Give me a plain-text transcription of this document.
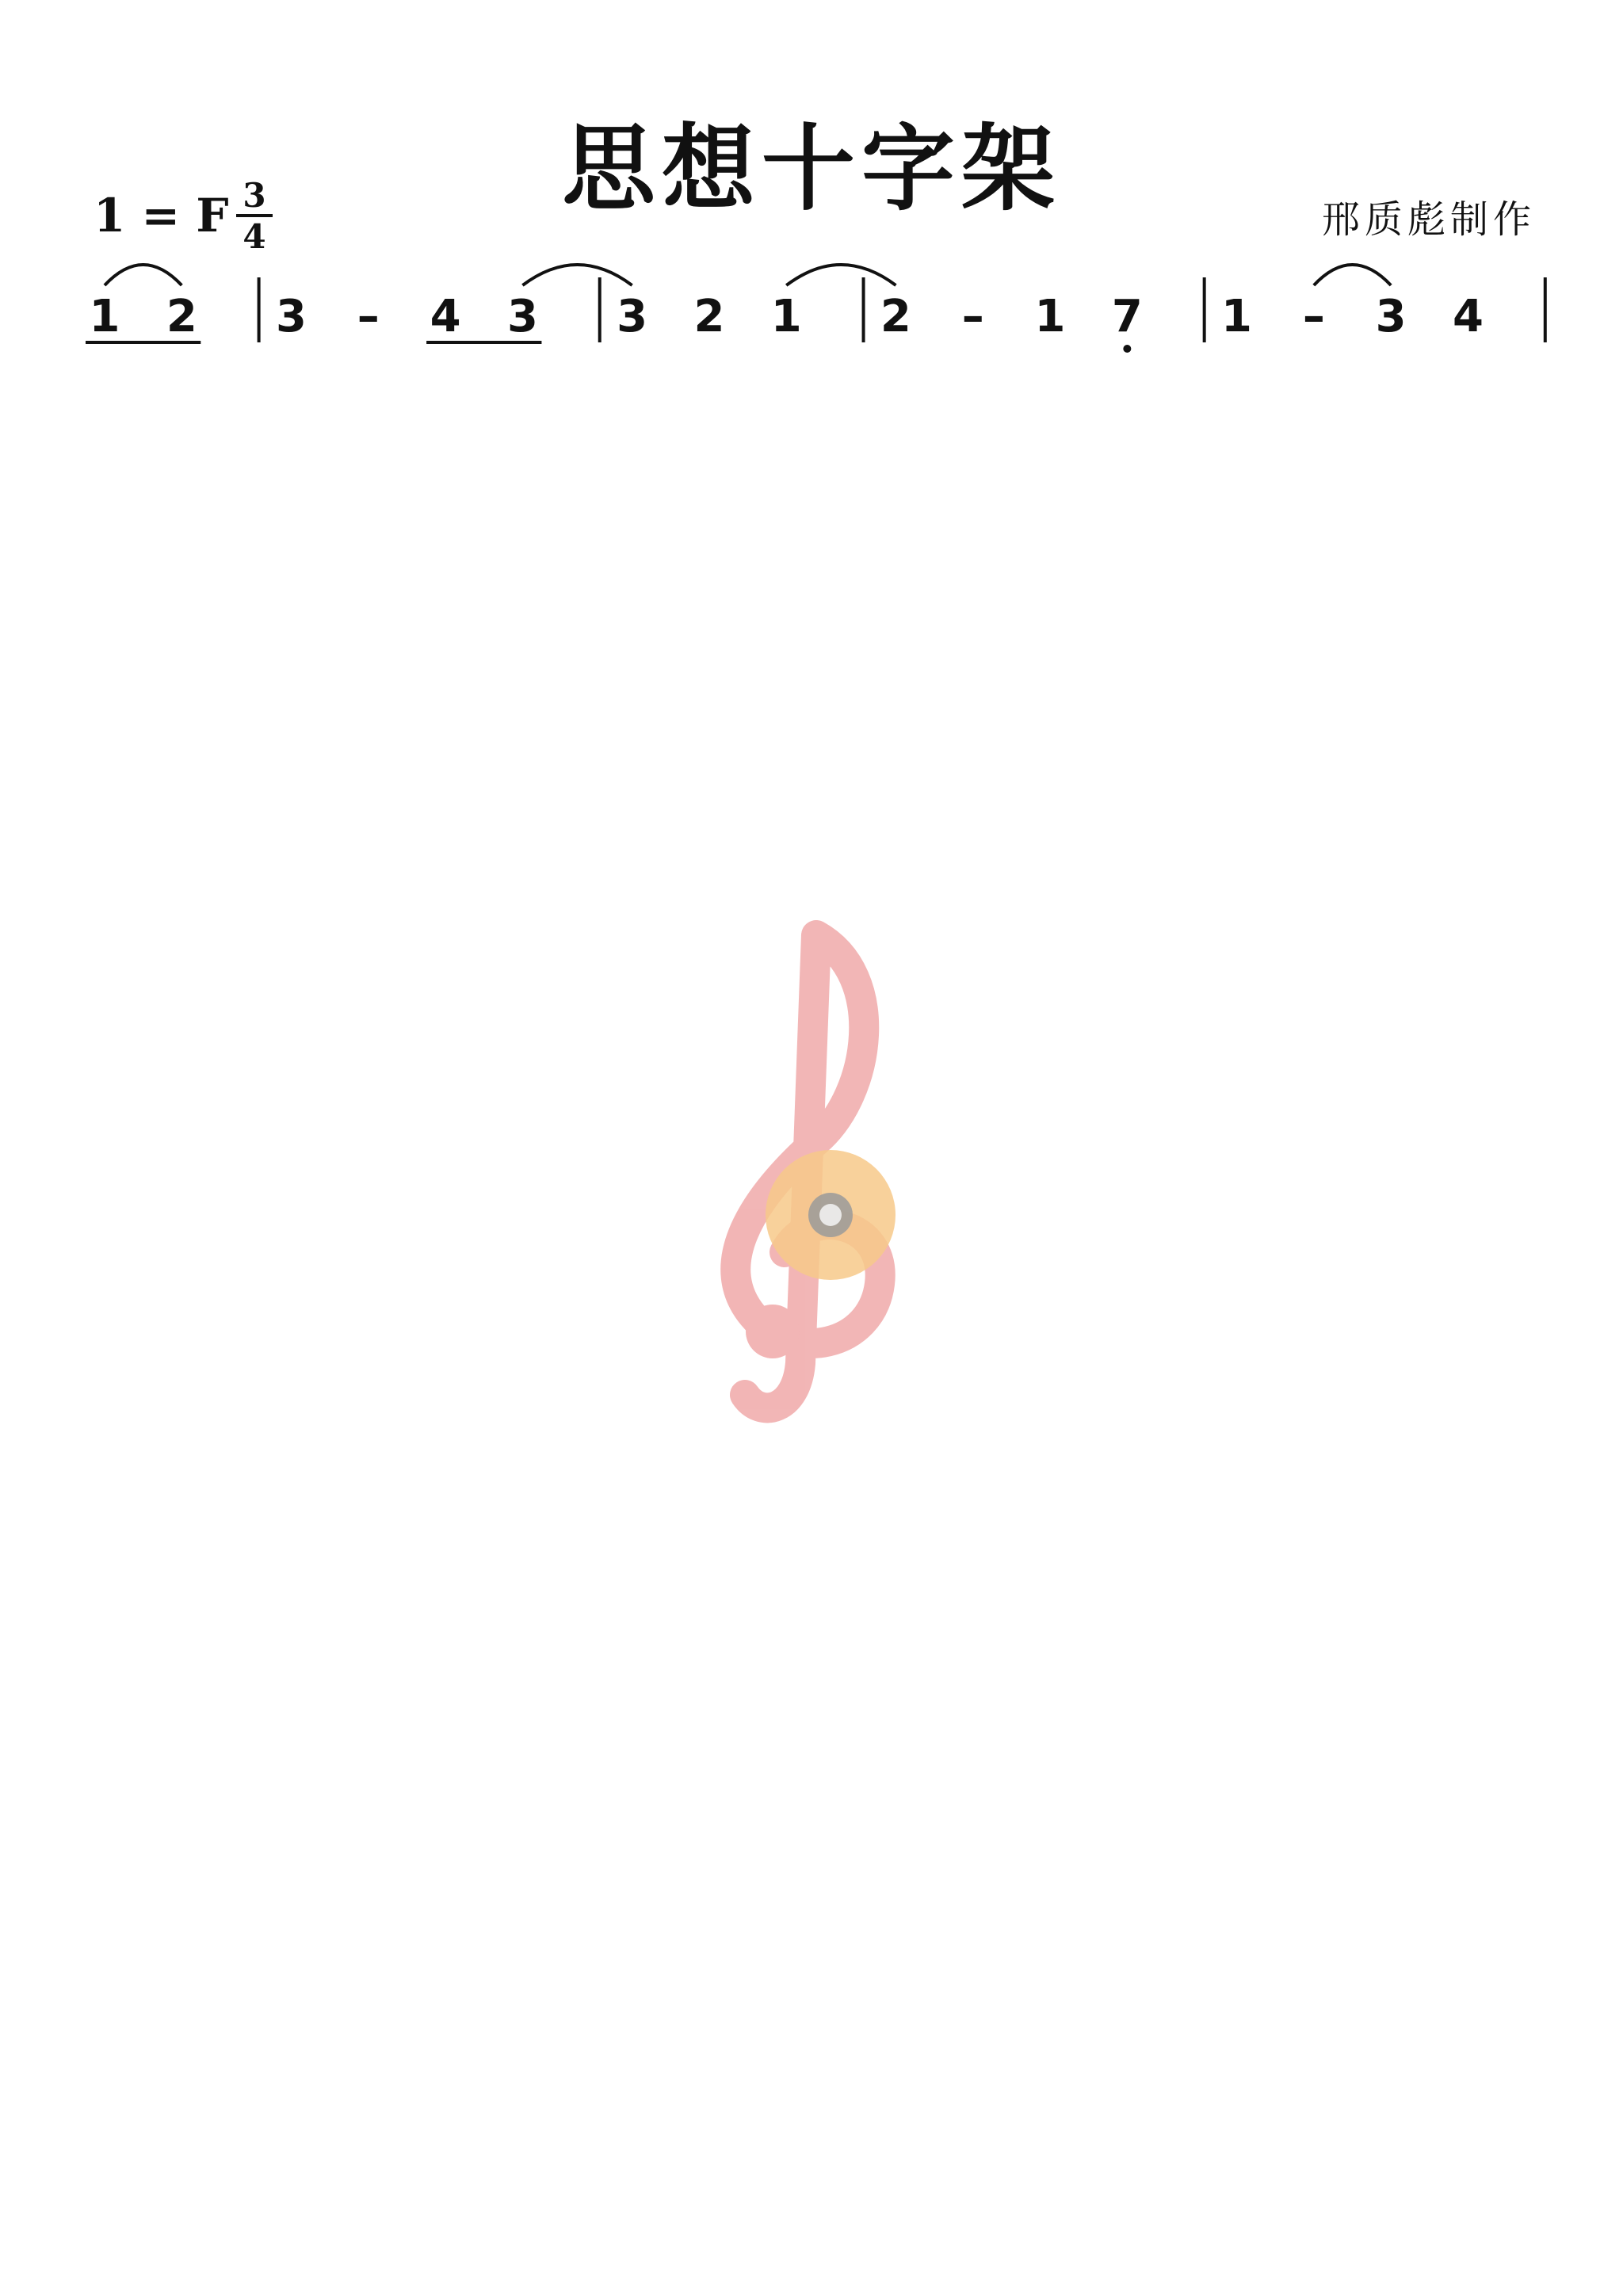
思想十字架
1 = F 3
4	邢质彪制作
1 2 3 – 4 3 3 2 1 2 – 1 7 1 – 3 4
